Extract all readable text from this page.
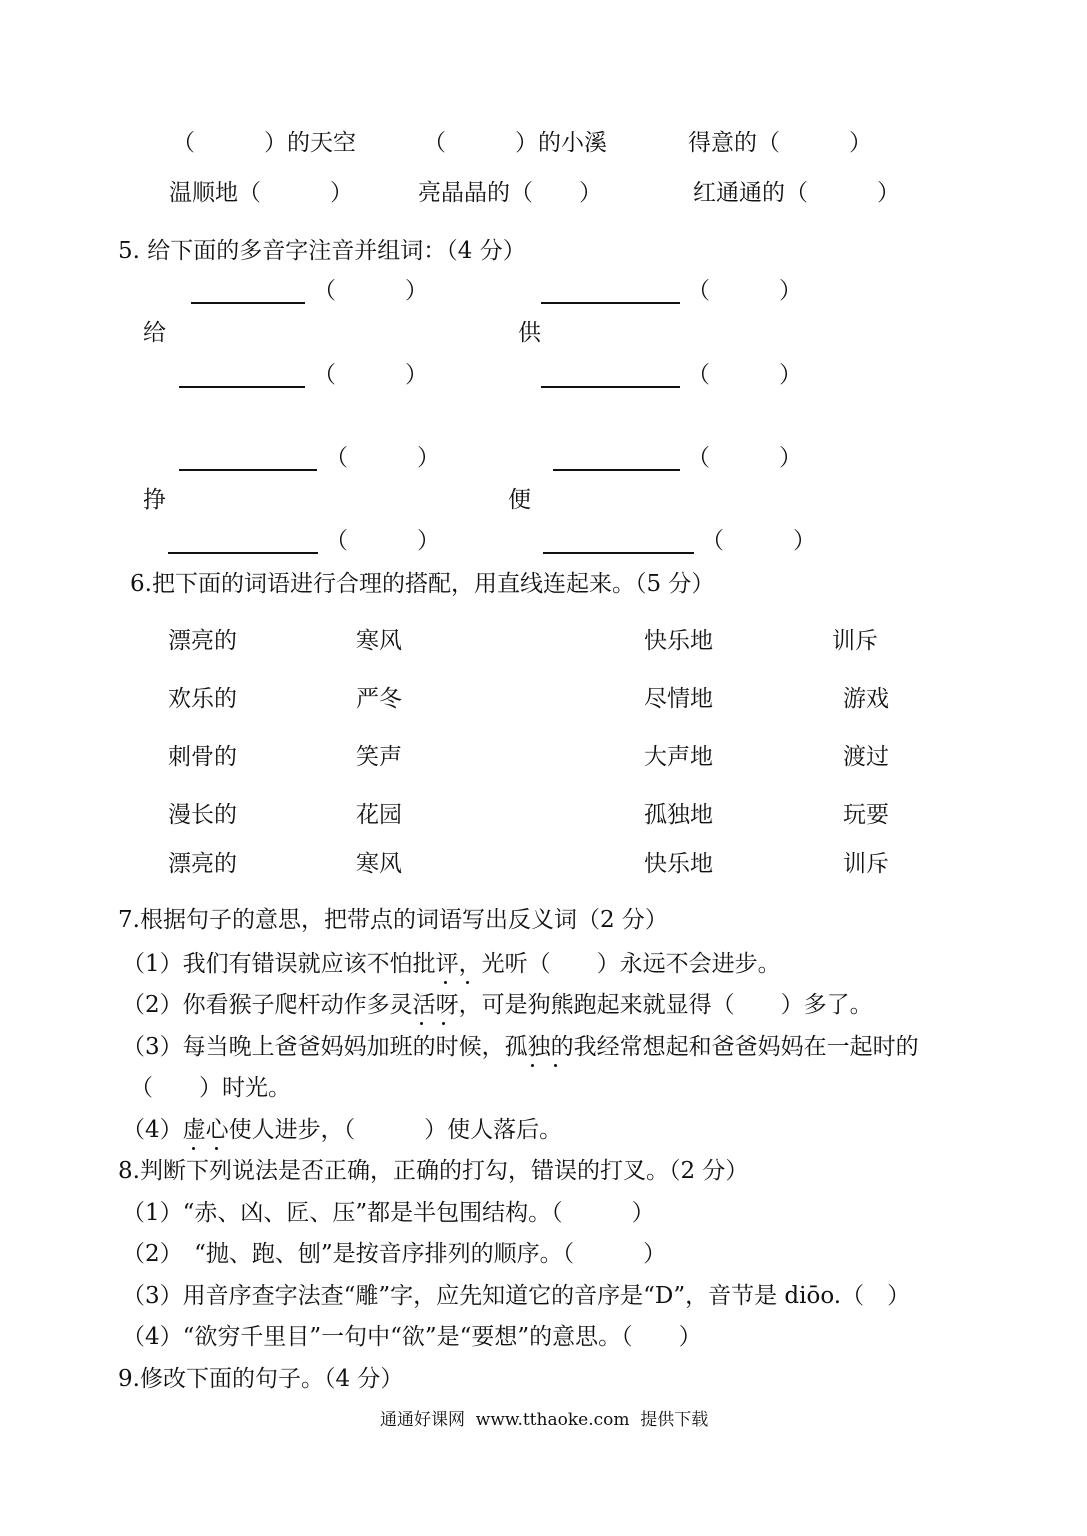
（　　　）的天空	（　　　）的小溪	得意的（　　　）
温顺地（　　　）	亮晶晶的（　　）	红通通的（　　　）
5. 给下面的多音字注音并组词：（4 分）
（　　　）	（　　　）
给	供
（　　　）	（　　　）
（　　　）	（　　　）
挣	便
（　　　）	（　　　）
6.把下面的词语进行合理的搭配，用直线连起来。（5 分）
漂亮的	寒风	快乐地	训斥
欢乐的	严冬	尽情地	游戏
刺骨的	笑声	大声地	渡过
漫长的	花园	孤独地	玩要
漂亮的	寒风	快乐地	训斥
7.根据句子的意思，把带点的词语写出反义词（2 分）
（1）我们有错误就应该不怕批评，光听（　　）永远不会进步。
（2）你看猴子爬杆动作多灵活呀，可是狗熊跑起来就显得（　　）多了。
（3）每当晚上爸爸妈妈加班的时候，孤独的我经常想起和爸爸妈妈在一起时的
（　　）时光。
（4）虚心使人进步，（　　　）使人落后。
8.判断下列说法是否正确，正确的打勾，错误的打叉。（2 分）
（1）“赤、凶、匠、压”都是半包围结构。（　　　）
（2）　“抛、跑、刨”是按音序排列的顺序。（　　　）
（3）用音序查字法查“雕”字，应先知道它的音序是“D”，音节是 diōo.（　）
（4）“欲穷千里目”一句中“欲”是“要想”的意思。（　　）
9.修改下面的句子。（4 分）
通通好课网  www.tthaoke.com  提供下载
